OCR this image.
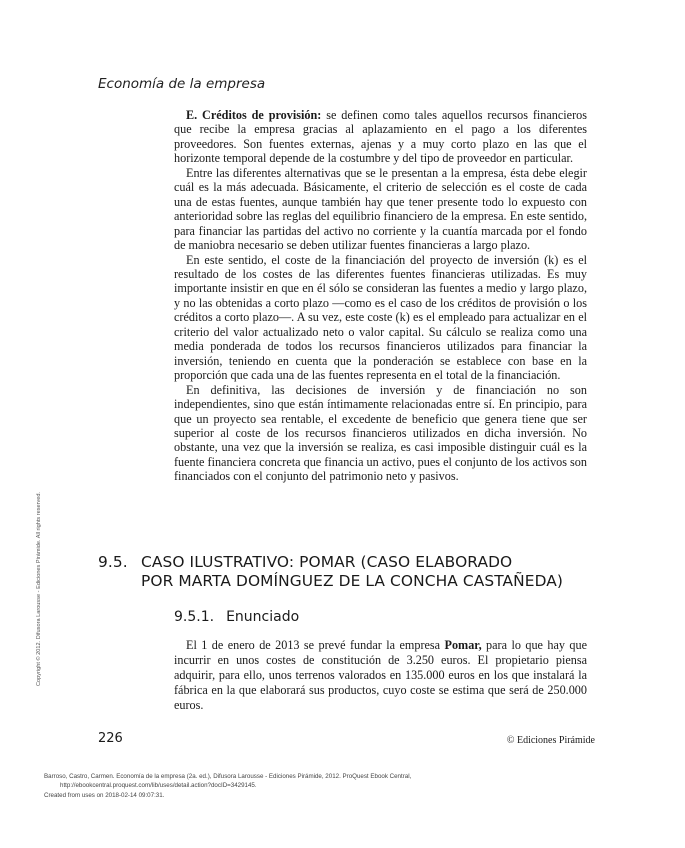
Economía de la empresa

E. Créditos de provisión: se definen como tales aquellos recursos financieros que recibe la empresa gracias al aplazamiento en el pago a los diferentes proveedores. Son fuentes externas, ajenas y a muy corto plazo en las que el horizonte temporal depende de la costumbre y del tipo de proveedor en particular.

Entre las diferentes alternativas que se le presentan a la empresa, ésta debe elegir cuál es la más adecuada. Básicamente, el criterio de selección es el coste de cada una de estas fuentes, aunque también hay que tener presente todo lo expuesto con anterioridad sobre las reglas del equilibrio financiero de la empresa. En este sentido, para financiar las partidas del activo no corriente y la cuantía marcada por el fondo de maniobra necesario se deben utilizar fuentes financieras a largo plazo.

En este sentido, el coste de la financiación del proyecto de inversión (k) es el resultado de los costes de las diferentes fuentes financieras utilizadas. Es muy importante insistir en que en él sólo se consideran las fuentes a medio y largo plazo, y no las obtenidas a corto plazo —como es el caso de los créditos de provisión o los créditos a corto plazo—. A su vez, este coste (k) es el empleado para actualizar en el criterio del valor actualizado neto o valor capital. Su cálculo se realiza como una media ponderada de todos los recursos financieros utilizados para financiar la inversión, teniendo en cuenta que la ponderación se establece con base en la proporción que cada una de las fuentes representa en el total de la financiación.

En definitiva, las decisiones de inversión y de financiación no son independientes, sino que están íntimamente relacionadas entre sí. En principio, para que un proyecto sea rentable, el excedente de beneficio que genera tiene que ser superior al coste de los recursos financieros utilizados en dicha inversión. No obstante, una vez que la inversión se realiza, es casi imposible distinguir cuál es la fuente financiera concreta que financia un activo, pues el conjunto de los activos son financiados con el conjunto del patrimonio neto y pasivos.

Copyright © 2012. Difusora Larousse - Ediciones Pirámide. All rights reserved.	9.5. CASO ILUSTRATIVO: POMAR (CASO ELABORADO
POR MARTA DOMÍNGUEZ DE LA CONCHA CASTAÑEDA)
9.5.1. Enunciado

El 1 de enero de 2013 se prevé fundar la empresa Pomar, para lo que hay que incurrir en unos costes de constitución de 3.250 euros. El propietario piensa adquirir, para ello, unos terrenos valorados en 135.000 euros en los que instalará la fábrica en la que elaborará sus productos, cuyo coste se estima que será de 250.000 euros.

226	© Ediciones Pirámide
Barroso, Castro, Carmen. Economía de la empresa (2a. ed.), Difusora Larousse - Ediciones Pirámide, 2012. ProQuest Ebook Central,
http://ebookcentral.proquest.com/lib/uses/detail.action?docID=3429145.
Created from uses on 2018-02-14 09:07:31.
